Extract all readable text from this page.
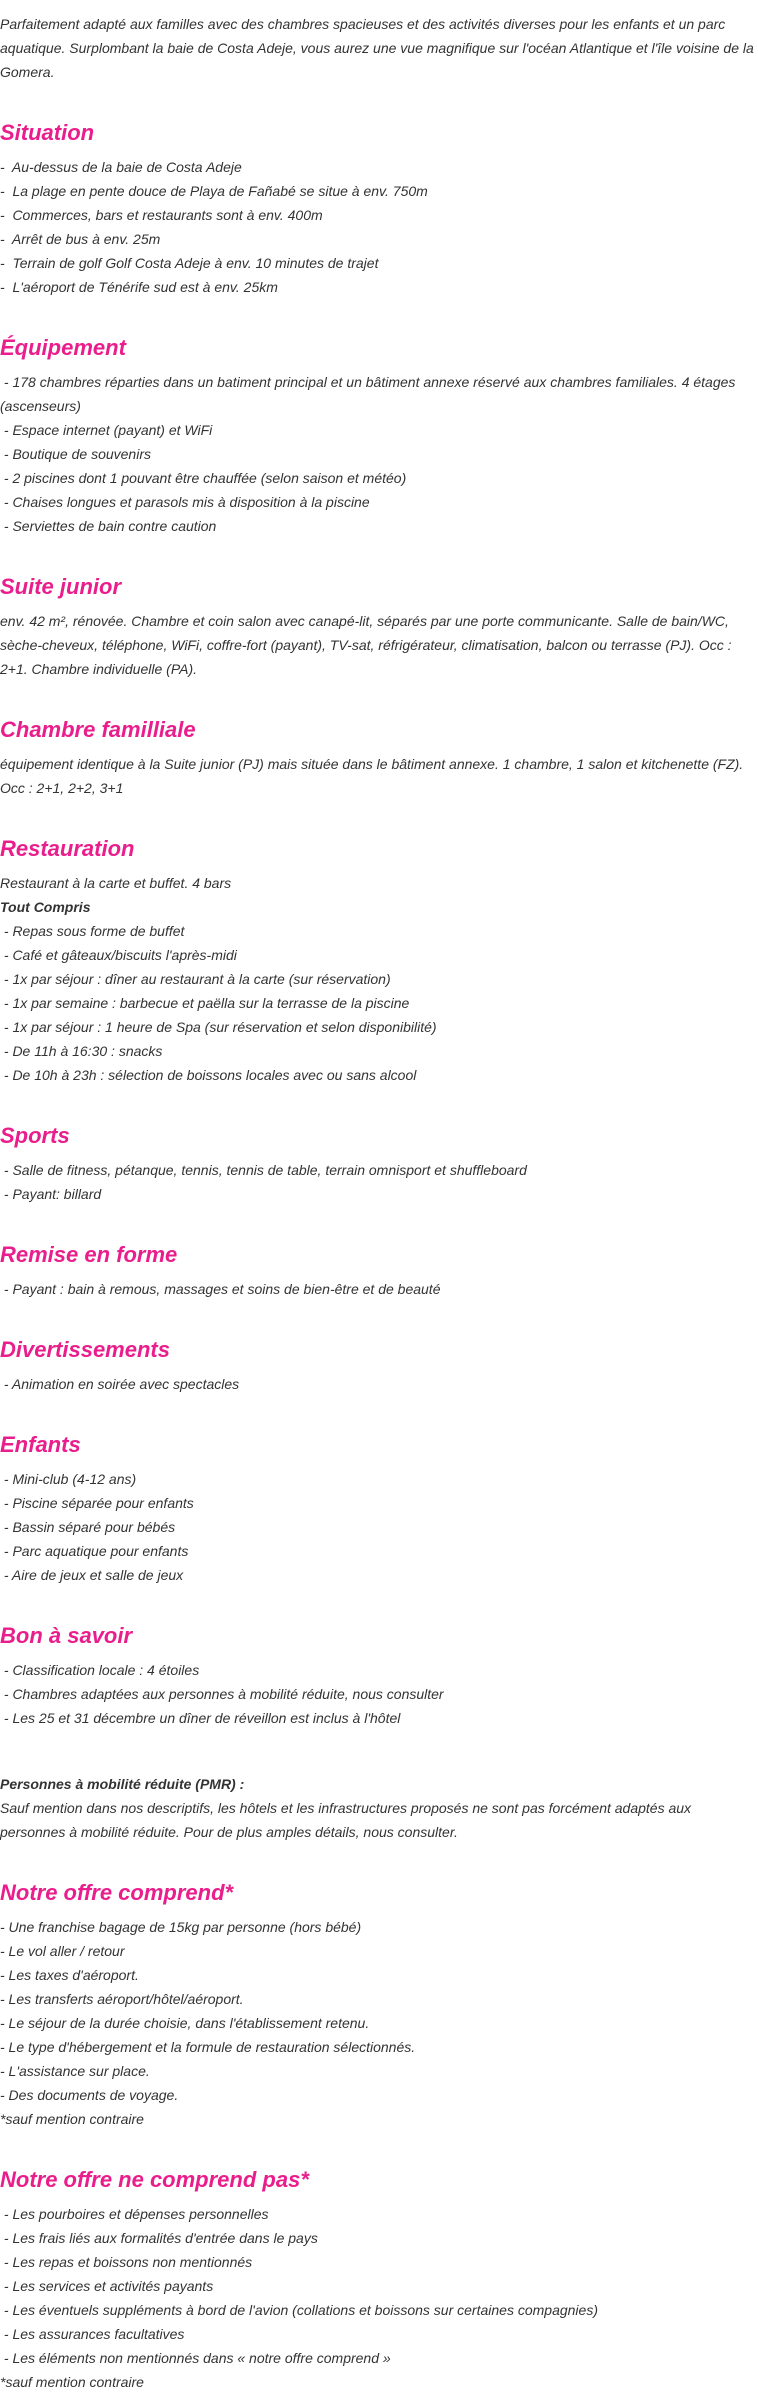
Parfaitement adapté aux familles avec des chambres spacieuses et des activités diverses pour les enfants et un parc aquatique. Surplombant la baie de Costa Adeje, vous aurez une vue magnifique sur l'océan Atlantique et l'île voisine de la Gomera.

Situation

-  Au-dessus de la baie de Costa Adeje

-  La plage en pente douce de Playa de Fañabé se situe à env. 750m

-  Commerces, bars et restaurants sont à env. 400m

-  Arrêt de bus à env. 25m

-  Terrain de golf Golf Costa Adeje à env. 10 minutes de trajet

-  L'aéroport de Ténérife sud est à env. 25km

Équipement

- 178 chambres réparties dans un batiment principal et un bâtiment annexe réservé aux chambres familiales. 4 étages (ascenseurs)

- Espace internet (payant) et WiFi

- Boutique de souvenirs

- 2 piscines dont 1 pouvant être chauffée (selon saison et météo)

- Chaises longues et parasols mis à disposition à la piscine

- Serviettes de bain contre caution

Suite junior

env. 42 m², rénovée. Chambre et coin salon avec canapé-lit, séparés par une porte communicante. Salle de bain/WC, sèche-cheveux, téléphone, WiFi, coffre-fort (payant), TV-sat, réfrigérateur, climatisation, balcon ou terrasse (PJ). Occ : 2+1. Chambre individuelle (PA).

Chambre familliale

équipement identique à la Suite junior (PJ) mais située dans le bâtiment annexe. 1 chambre, 1 salon et kitchenette (FZ). Occ : 2+1, 2+2, 3+1

Restauration

Restaurant à la carte et buffet. 4 bars

Tout Compris

- Repas sous forme de buffet

- Café et gâteaux/biscuits l'après-midi

- 1x par séjour : dîner au restaurant à la carte (sur réservation)

- 1x par semaine : barbecue et paëlla sur la terrasse de la piscine

- 1x par séjour : 1 heure de Spa (sur réservation et selon disponibilité)

- De 11h à 16:30 : snacks

- De 10h à 23h : sélection de boissons locales avec ou sans alcool

Sports

- Salle de fitness, pétanque, tennis, tennis de table, terrain omnisport et shuffleboard

- Payant: billard

Remise en forme

- Payant : bain à remous, massages et soins de bien-être et de beauté

Divertissements

- Animation en soirée avec spectacles

Enfants

- Mini-club (4-12 ans)

- Piscine séparée pour enfants

- Bassin séparé pour bébés

- Parc aquatique pour enfants

- Aire de jeux et salle de jeux

Bon à savoir

- Classification locale : 4 étoiles

- Chambres adaptées aux personnes à mobilité réduite, nous consulter

- Les 25 et 31 décembre un dîner de réveillon est inclus à l'hôtel

Personnes à mobilité réduite (PMR) :

Sauf mention dans nos descriptifs, les hôtels et les infrastructures proposés ne sont pas forcément adaptés aux personnes à mobilité réduite. Pour de plus amples détails, nous consulter.

Notre offre comprend*

- Une franchise bagage de 15kg par personne (hors bébé)

- Le vol aller / retour

- Les taxes d'aéroport.

- Les transferts aéroport/hôtel/aéroport.

- Le séjour de la durée choisie, dans l'établissement retenu.

- Le type d'hébergement et la formule de restauration sélectionnés.

- L'assistance sur place.

- Des documents de voyage.

*sauf mention contraire

Notre offre ne comprend pas*

- Les pourboires et dépenses personnelles

- Les frais liés aux formalités d'entrée dans le pays

- Les repas et boissons non mentionnés

- Les services et activités payants

- Les éventuels suppléments à bord de l'avion (collations et boissons sur certaines compagnies)

- Les assurances facultatives

- Les éléments non mentionnés dans « notre offre comprend »

*sauf mention contraire
